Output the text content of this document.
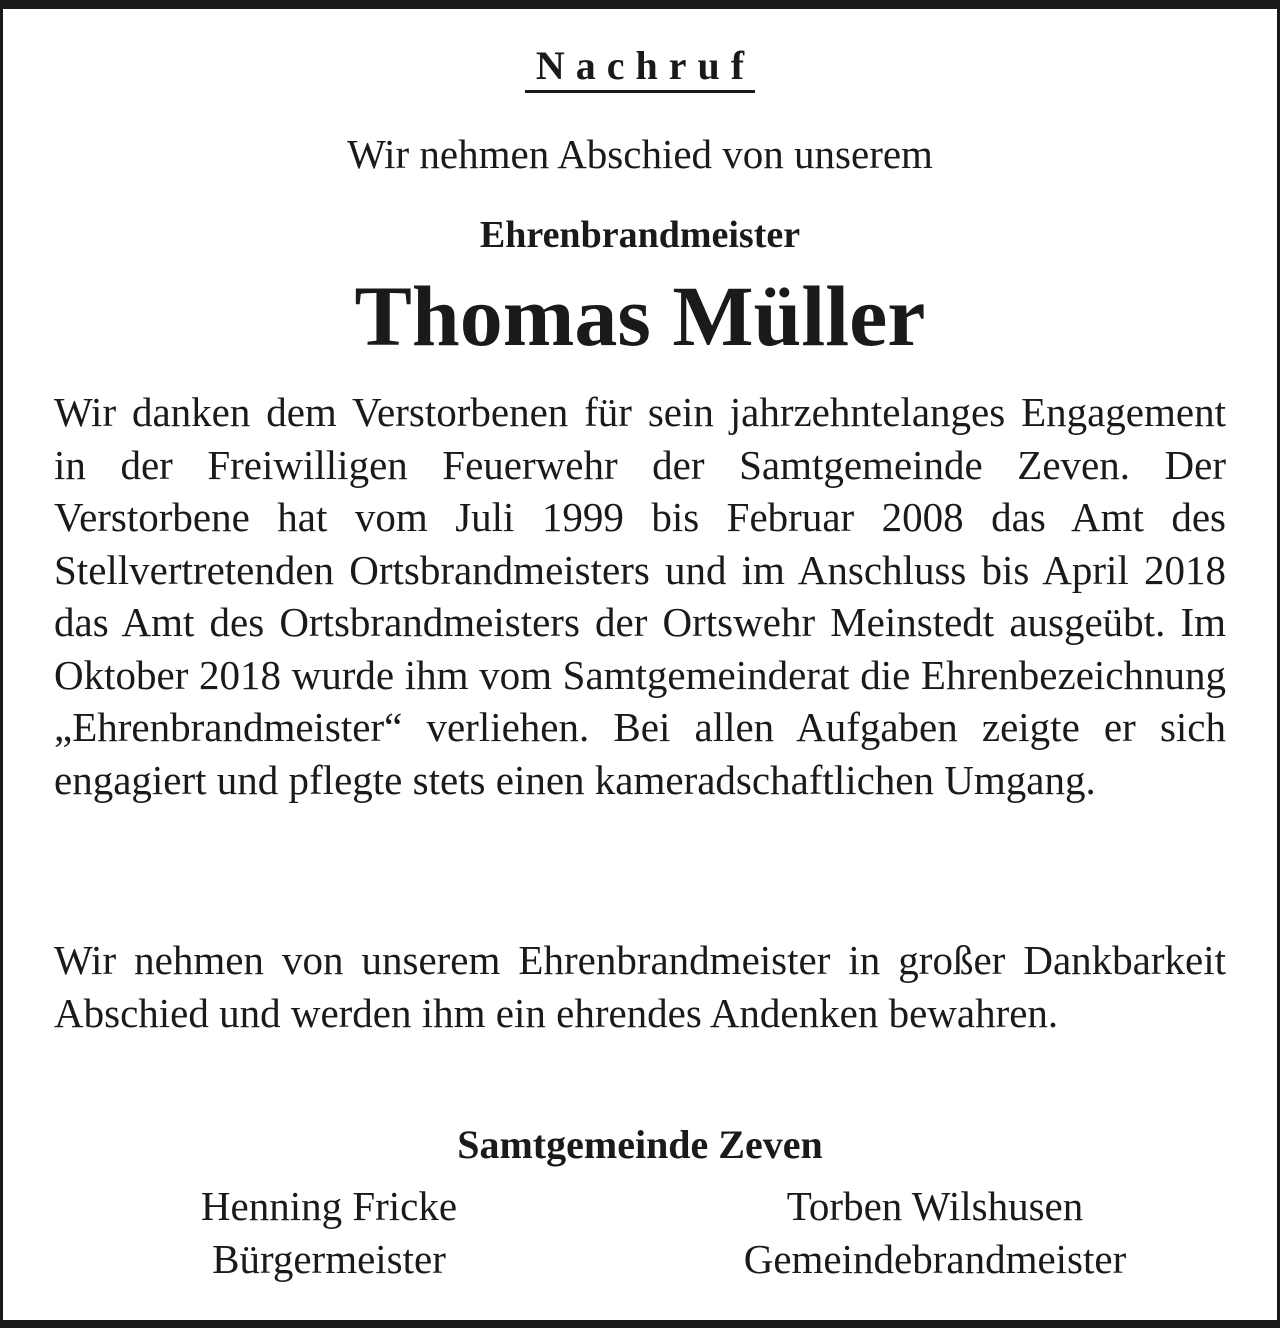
Nachruf
Wir nehmen Abschied von unserem
Ehrenbrandmeister
Thomas Müller
Wir danken dem Verstorbenen für sein jahrzehntelanges Engagement in der Freiwilligen Feuerwehr der Samtgemeinde Zeven. Der Verstorbene hat vom Juli 1999 bis Februar 2008 das Amt des Stellvertretenden Ortsbrandmeisters und im Anschluss bis April 2018 das Amt des Ortsbrandmeisters der Ortswehr Meinstedt ausgeübt. Im Oktober 2018 wurde ihm vom Samtgemeinderat die Ehrenbezeichnung „Ehrenbrandmeister“ verliehen. Bei allen Aufgaben zeigte er sich engagiert und pflegte stets einen kameradschaftlichen Umgang.
Wir nehmen von unserem Ehrenbrandmeister in großer Dankbarkeit Abschied und werden ihm ein ehrendes Andenken bewahren.
Samtgemeinde Zeven
Henning Fricke
Bürgermeister
Torben Wilshusen
Gemeindebrandmeister
